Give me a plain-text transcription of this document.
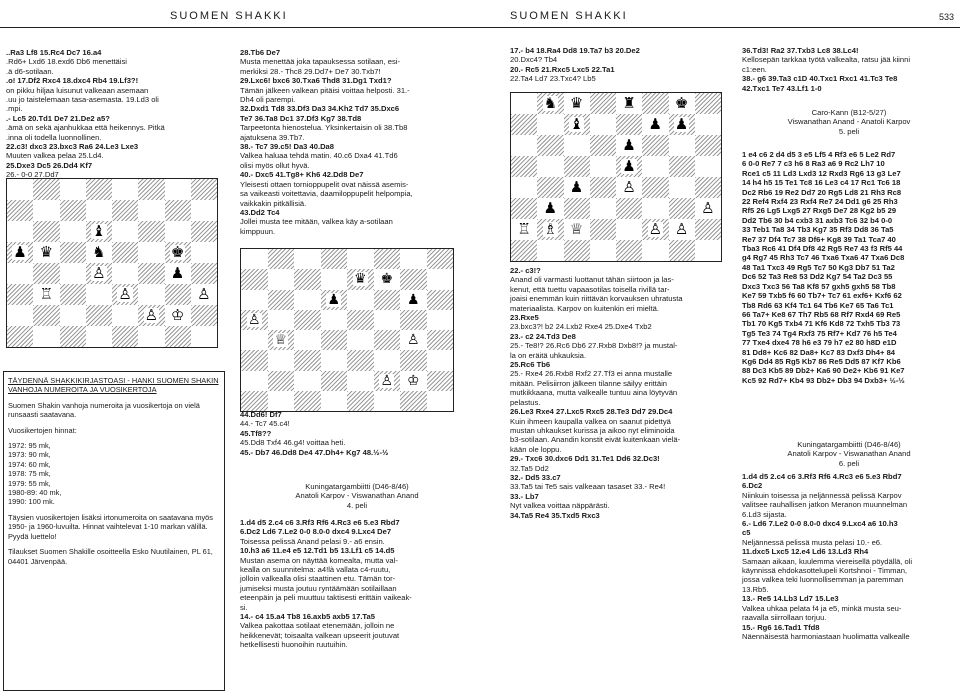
SUOMEN SHAKKI
..Ra3 Lf8 15.Rc4 Dc7 16.a4
.Rd6+ Lxd6 18.exd6 Db6 menettäisi
.ä d6-sotilaan.
.o! 17.Df2 Rxc4 18.dxc4 Rb4 19.Lf3?!
on pikku hiljaa luisunut valkeaan asemaan
.uu jo taistelemaan tasa-asemasta. 19.Ld3 oli
.mpi.
.- Lc5 20.Td1 De7 21.De2 a5?
.ämä on sekä ajanhukkaa että heikennys. Pitkä
.inna oli todella luonnollinen.
22.c3! dxc3 23.bxc3 Ra6 24.Le3 Lxe3
Muuten valkea pelaa 25.Ld4.
25.Dxe3 Dc5 26.Dd4 Kf7
26.- 0-0 27.Dd7
♝
♟ ♛	♞	♚
♙	♟
♖	♙	♙
♙ ♔
TÄYDENNÄ SHAKKIKIRJASTOASI - HANKI SUOMEN SHAKIN VANHOJA NUMEROITA JA VUOSIKERTOJA
Suomen Shakin vanhoja numeroita ja vuosikertoja on vielä runsaasti saatavana.
Vuosikertojen hinnat:
1972: 95 mk,
1973: 90 mk,
1974: 60 mk,
1978: 75 mk,
1979: 55 mk,
1980-89: 40 mk,
1990: 100 mk.
Täysien vuosikertojen lisäksi irtonumeroita on saatavana myös 1950- ja 1960-luvuilta. Hinnat vaihtelevat 1-10 markan välillä.
Pyydä luettelo!
Tilaukset Suomen Shakille osoitteella Esko Nuutilainen, PL 61, 04401 Järvenpää.
28.Tb6 De7
Musta menettää joka tapauksessa sotilaan, esi-
merkiksi 28.- Thc8 29.Dd7+ De7 30.Txb7!
29.Lxc6! bxc6 30.Txa6 Thd8 31.Dg1 Txd1?
Tämän jälkeen valkean pitäisi voittaa helposti. 31.-
Dh4 oli parempi.
32.Dxd1 Td8 33.Df3 Da3 34.Kh2 Td7 35.Dxc6
Te7 36.Ta8 Dc1 37.Df3 Kg7 38.Td8
Tarpeetonta hienostelua. Yksinkertaisin oli 38.Tb8
ajatuksena 39.Tb7.
38.- Tc7 39.c5! Da3 40.Da8
Valkea haluaa tehdä matin. 40.c6 Dxa4 41.Td6
olisi myös ollut hyvä.
40.- Dxc5 41.Tg8+ Kh6 42.Dd8 De7
Yleisesti ottaen tornioppupelit ovat näissä asemis-
sa vaikeasti voitettavia, daamiloppupelit helpompia,
vaikkakin pitkällisiä.
43.Dd2 Tc4
Jollei musta tee mitään, valkea käy a-sotilaan
kimppuun.
♛ ♚
♟	♟
♙
♕	♙
♙ ♔
44.Dd6! Df7
44.- Tc7 45.c4!
45.Tf8??
45.Dd8 Txf4 46.g4! voittaa heti.
45.- Db7 46.Dd8 De4 47.Dh4+ Kg7 48.½-½
Kuningatargambiitti (D46-8/46)
Anatoli Karpov - Viswanathan Anand
4. peli
1.d4 d5 2.c4 c6 3.Rf3 Rf6 4.Rc3 e6 5.e3 Rbd7
6.Dc2 Ld6 7.Le2 0-0 8.0-0 dxc4 9.Lxc4 De7
Toisessa pelissä Anand pelasi 9.- a6 ensin.
10.h3 a6 11.e4 e5 12.Td1 b5 13.Lf1 c5 14.d5
Mustan asema on näyttää komealta, mutta val-
kealla on suunnitelma: a4!là vallata c4-ruutu,
jolloin valkealla olisi staattinen etu. Tämän tor-
jumiseksi musta joutuu ryntäämään sotilaillaan
eteenpäin ja peli muuttuu taktisesti erittäin vaikeak-
si.
14.- c4 15.a4 Tb8 16.axb5 axb5 17.Ta5
Valkea pakottaa sotilaat etenemään, jolloin ne
heikkenevät; toisaalta valkean upseerit joutuvat
hetkellisesti huonoihin ruutuihin.
SUOMEN SHAKKI	533
17.- b4 18.Ra4 Dd8 19.Ta7 b3 20.De2
20.Dxc4? Tb4
20.- Rc5 21.Rxc5 Lxc5 22.Ta1
22.Ta4 Ld7 23.Txc4? Lb5
♞ ♛	♜	♚
♝	♟ ♟
♟
♟
♟	♙
♟	♙
♖ ♗ ♕	♙ ♙
22.- c3!?
Anand oli varmasti luottanut tähän siirtoon ja las-
kenut, että tuettu vapaasotilas toisella rivillä tar-
joaisi enemmän kuin riittävän korvauksen uhratusta
materiaalista. Karpov on kuitenkin eri mieltä.
23.Rxe5
23.bxc3?! b2 24.Lxb2 Rxe4 25.Dxe4 Txb2
23.- c2 24.Td3 De8
25.- Te8!? 26.Rc6 Db6 27.Rxb8 Dxb8!? ja mustal-
la on eräitä uhkauksia.
25.Rc6 Tb6
25.- Rxe4 26.Rxb8 Rxf2 27.Tf3 ei anna mustalle
mitään. Pelisiirron jälkeen tilanne säilyy erittäin
mutkikkaana, mutta valkealle tuntuu aina löytyvän
pelastus.
26.Le3 Rxe4 27.Lxc5 Rxc5 28.Te3 Dd7 29.Dc4
Kuin ihmeen kaupalla valkea on saanut pidettyä
mustan uhkaukset kurissa ja aikoo nyt eliminoida
b3-sotilaan. Anandin konstit eivät kuitenkaan vielä-
kään ole loppu.
29.- Txc6 30.dxc6 Dd1 31.Te1 Dd6 32.Dc3!
32.Ta5 Dd2
32.- Dd5 33.c7
33.Ta5 tai Te5 sais valkeaan tasaset 33.- Re4!
33.- Lb7
Nyt valkea voittaa näppärästi.
34.Ta5 Re4 35.Txd5 Rxc3
36.Td3! Ra2 37.Txb3 Lc8 38.Lc4!
Kellosepän tarkkaa työtä valkealta, ratsu jää kiinni
c1:een.
38.- g6 39.Ta3 c1D 40.Txc1 Rxc1 41.Tc3 Te8
42.Txc1 Te7 43.Lf1 1-0
Caro-Kann (B12-5/27)
Viswanathan Anand - Anatoli Karpov
5. peli
1 e4 c6 2 d4 d5 3 e5 Lf5 4 Rf3 e6 5 Le2 Rd7
6 0-0 Re7 7 c3 h6 8 Ra3 a6 9 Rc2 Lh7 10
Rce1 c5 11 Ld3 Lxd3 12 Rxd3 Rg6 13 g3 Le7
14 h4 h5 15 Te1 Tc8 16 Le3 c4 17 Rc1 Tc6 18
Dc2 Rb6 19 Re2 Dd7 20 Rg5 Ld8 21 Rh3 Rc8
22 Ref4 Rxf4 23 Rxf4 Re7 24 Dd1 g6 25 Rh3
Rf5 26 Lg5 Lxg5 27 Rxg5 De7 28 Kg2 b5 29
Dd2 Tb6 30 b4 cxb3 31 axb3 Tc6 32 b4 0-0
33 Teb1 Ta8 34 Tb3 Kg7 35 Rf3 Dd8 36 Ta5
Re7 37 Df4 Tc7 38 Df6+ Kg8 39 Ta1 Tca7 40
Tba3 Rc6 41 Df4 Df8 42 Rg5 Re7 43 f3 Rf5 44
g4 Rg7 45 Rh3 Tc7 46 Txa6 Txa6 47 Txa6 Dc8
48 Ta1 Txc3 49 Rg5 Tc7 50 Kg3 Db7 51 Ta2
Dc6 52 Ta3 Re8 53 Dd2 Kg7 54 Ta2 Dc3 55
Dxc3 Txc3 56 Ta8 Kf8 57 gxh5 gxh5 58 Tb8
Ke7 59 Txb5 f6 60 Tb7+ Tc7 61 exf6+ Kxf6 62
Tb8 Rd6 63 Kf4 Tc1 64 Tb6 Ke7 65 Ta6 Tc1
66 Ta7+ Ke8 67 Th7 Rb5 68 Rf7 Rxd4 69 Re5
Tb1 70 Kg5 Txb4 71 Kf6 Kd8 72 Txh5 Tb3 73
Tg5 Te3 74 Tg4 Rxf3 75 Rf7+ Kd7 76 h5 Te4
77 Txe4 dxe4 78 h6 e3 79 h7 e2 80 h8D e1D
81 Dd8+ Kc6 82 Da8+ Kc7 83 Dxf3 Dh4+ 84
Kg6 Dd4 85 Rg5 Kb7 86 Re5 Dd5 87 Kf7 Kb6
88 Dc3 Kb5 89 Db2+ Ka6 90 De2+ Kb6 91 Ke7
Kc5 92 Rd7+ Kb4 93 Db2+ Db3 94 Dxb3+ ½-½
Kuningatargambiitti (D46-8/46)
Anatoli Karpov - Viswanathan Anand
6. peli
1.d4 d5 2.c4 c6 3.Rf3 Rf6 4.Rc3 e6 5.e3 Rbd7
6.Dc2
Niinkuin toisessa ja neljännessä pelissä Karpov
valitsee rauhallisen jatkon Meranon muunnelman
6.Ld3 sijasta.
6.- Ld6 7.Le2 0-0 8.0-0 dxc4 9.Lxc4 a6 10.h3
c5
Neljännessä pelissä musta pelasi 10.- e6.
11.dxc5 Lxc5 12.e4 Ld6 13.Ld3 Rh4
Samaan aikaan, kuulemma viereisellä pöydällä, oli
käynnissä ehdokasottelupeli Kortshnoi - Timman,
jossa valkea teki luonnollisemman ja paremman
13.Rb5.
13.- Re5 14.Lb3 Ld7 15.Le3
Valkea uhkaa pelata f4 ja e5, minkä musta seu-
raavalla siirrollaan torjuu.
15.- Rg6 16.Tad1 Tfd8
Näennäisestä harmoniastaan huolimatta valkealle
